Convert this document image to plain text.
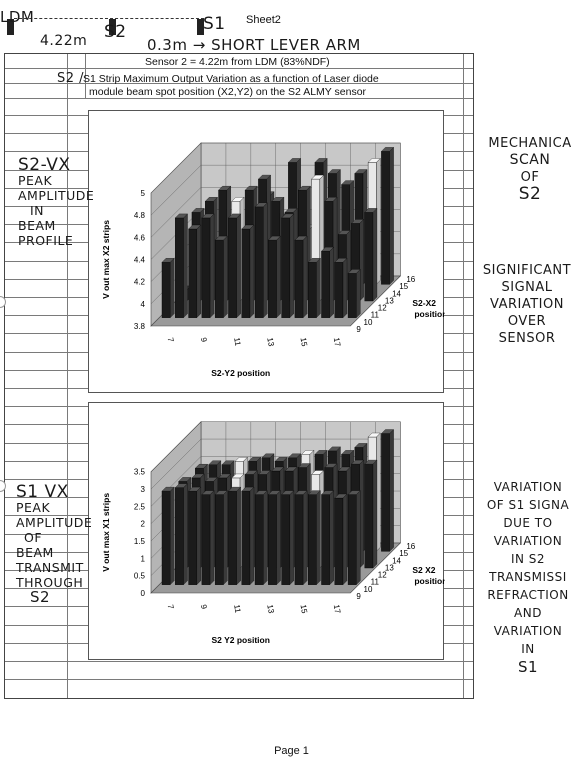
LDM
S2	S1 Sheet2
4.22m	0.3m → SHORT LEVER ARM
Sensor 2 = 4.22m from LDM (83%NDF)
S2 /
S1 Strip Maximum Output Variation as a function of Laser diode
module beam spot position (X2,Y2) on the S2 ALMY sensor
3.8
4
4.2
4.4
4.6
4.8
5
7	9	11	13	15	17
9
10
11
12
13
14
15
16
V out max X2 strips
S2-Y2 position
S2-X2
position
0
0.5
1
1.5
2
2.5
3
3.5
7	9	11	13	15	17
9
10
11
12
13
14
15
16
V out max X1 strips
S2 Y2 position
S2 X2
position
S2-VX
PEAK
AMPLITUDE
IN
BEAM
PROFILE
S1 VX
PEAK
AMPLITUDE
OF
BEAM
TRANSMIT
THROUGH
S2
MECHANICA
SCAN
OF
S2
SIGNIFICANT
SIGNAL
VARIATION
OVER
SENSOR
VARIATION
OF S1 SIGNA
DUE TO
VARIATION
IN S2
TRANSMISSI
REFRACTION
AND
VARIATION
IN
S1
Page 1
